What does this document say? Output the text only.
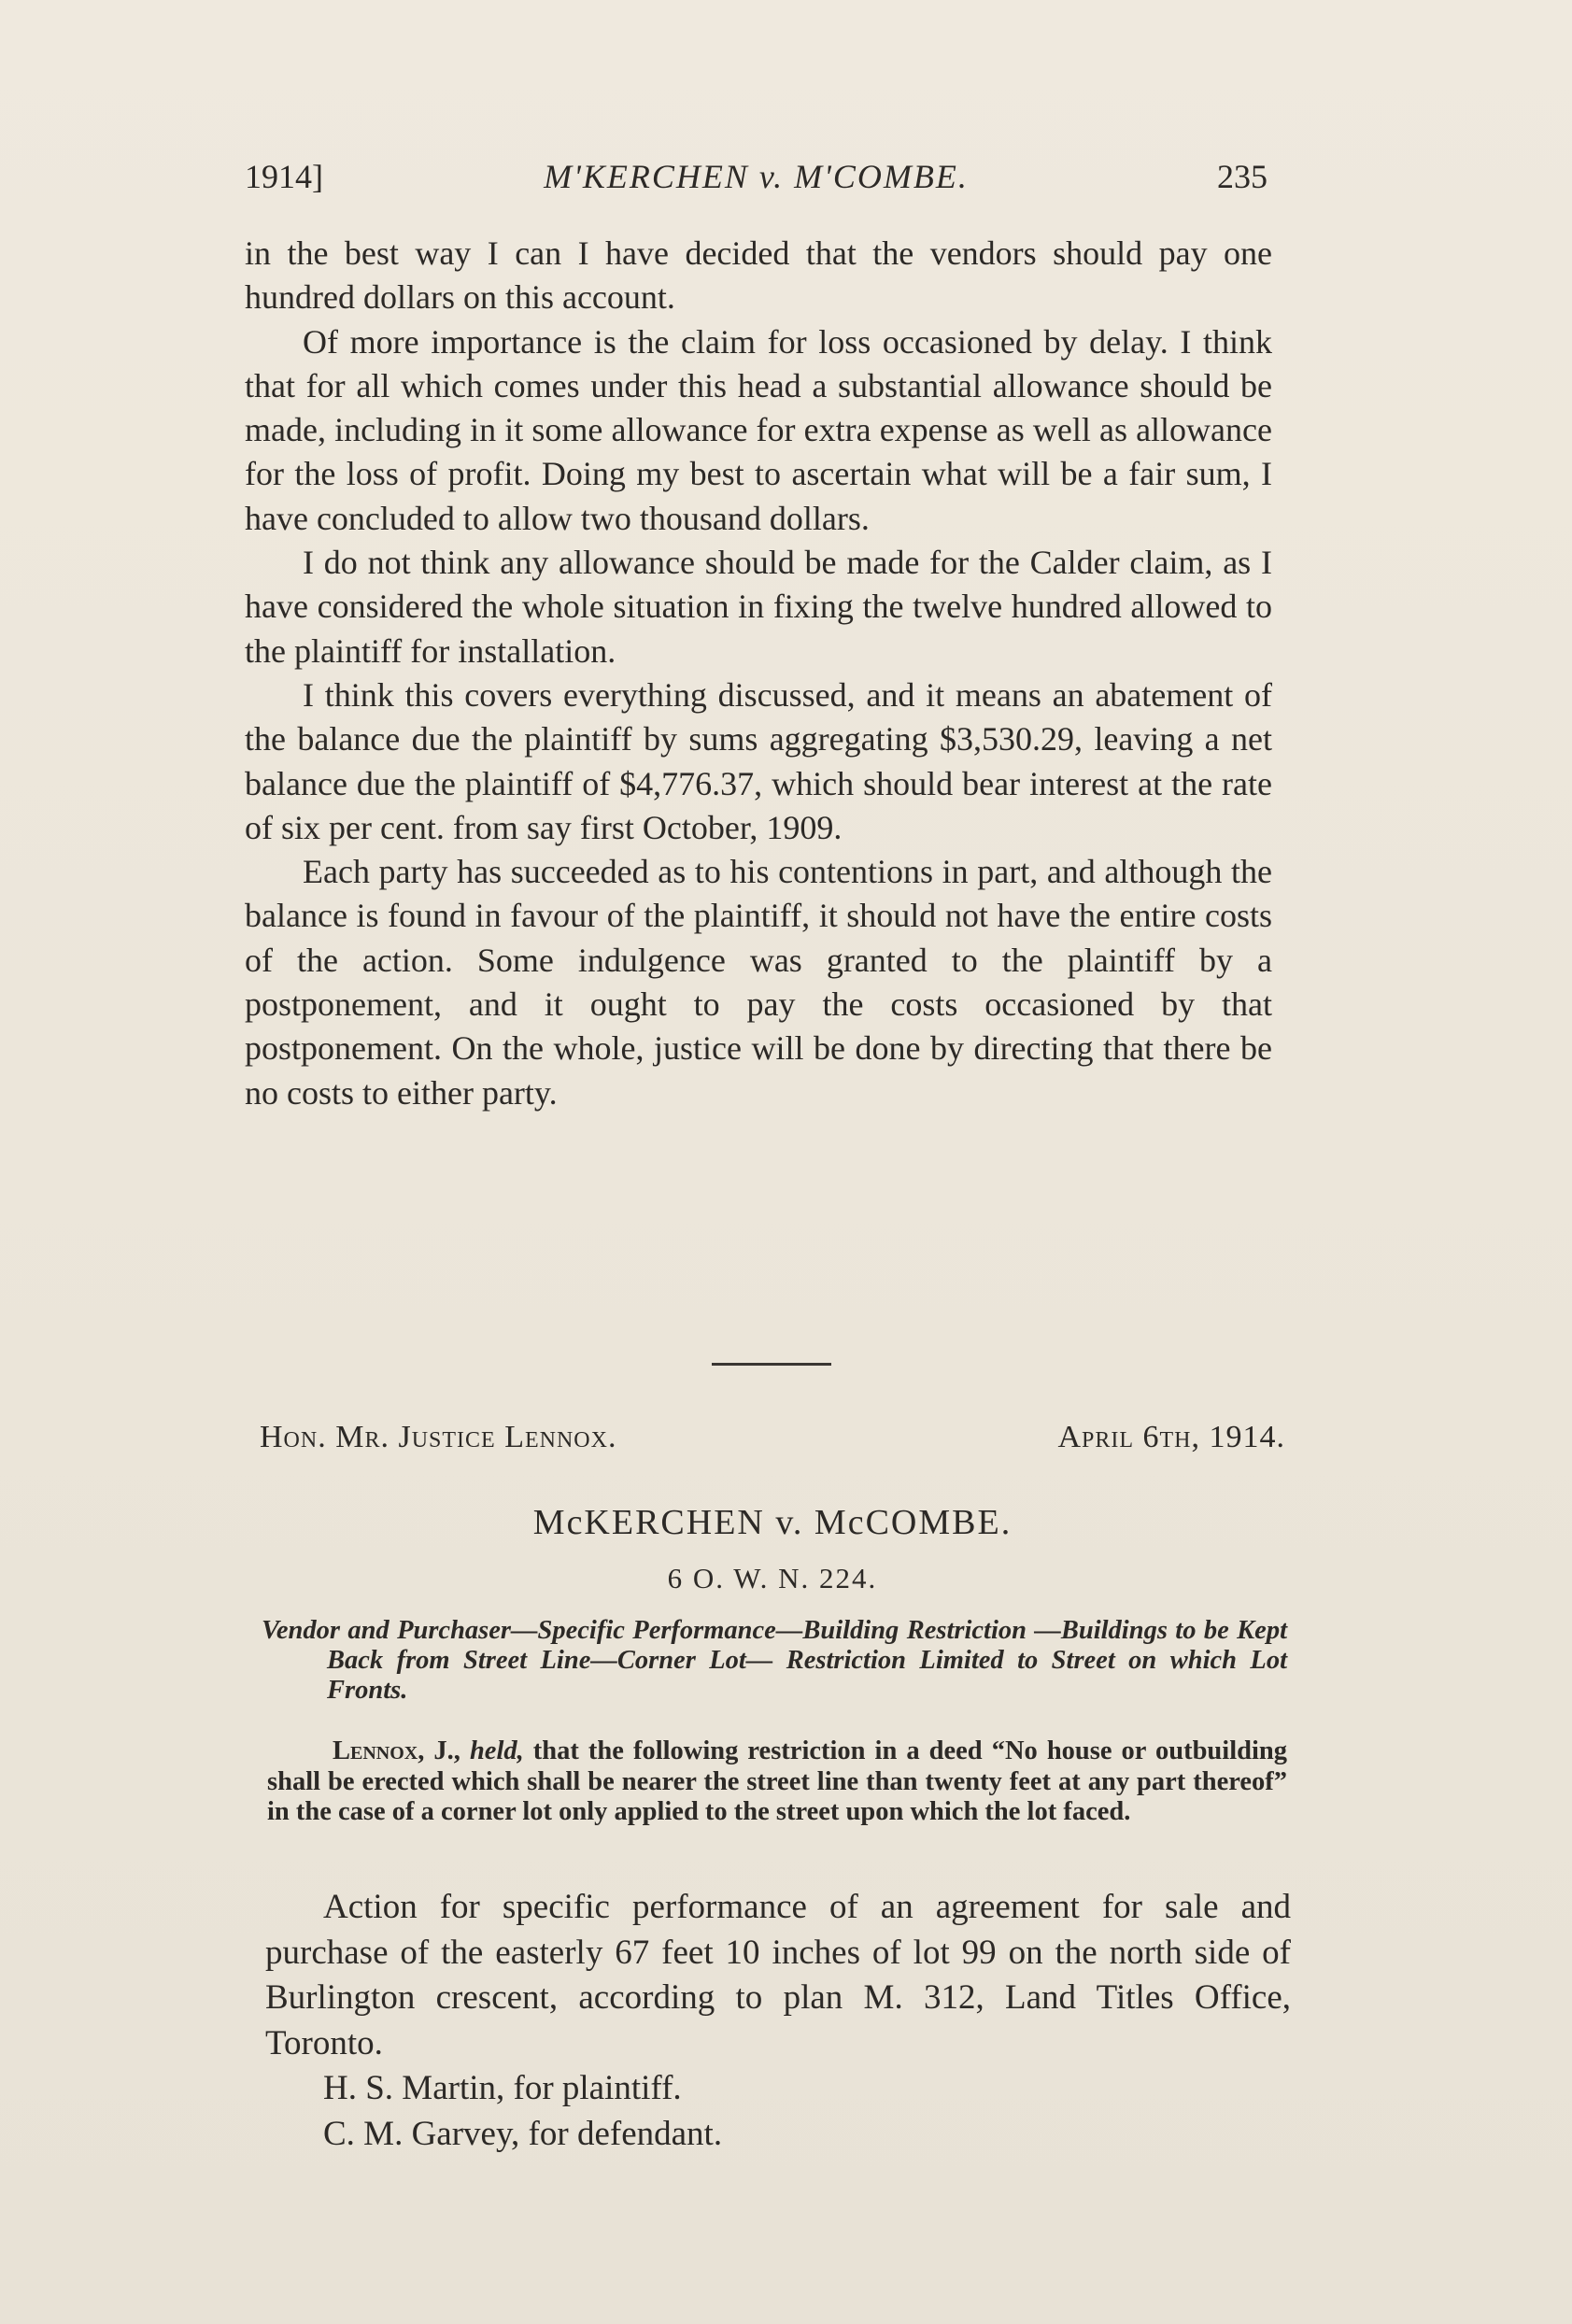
1914]	M'KERCHEN v. M'COMBE.	235

in the best way I can I have decided that the vendors should pay one hundred dollars on this account.

Of more importance is the claim for loss occasioned by delay. I think that for all which comes under this head a substantial allowance should be made, including in it some allowance for extra expense as well as allowance for the loss of profit. Doing my best to ascertain what will be a fair sum, I have concluded to allow two thousand dollars.

I do not think any allowance should be made for the Calder claim, as I have considered the whole situation in fixing the twelve hundred allowed to the plaintiff for installation.

I think this covers everything discussed, and it means an abatement of the balance due the plaintiff by sums aggregating $3,530.29, leaving a net balance due the plaintiff of $4,776.37, which should bear interest at the rate of six per cent. from say first October, 1909.

Each party has succeeded as to his contentions in part, and although the balance is found in favour of the plaintiff, it should not have the entire costs of the action. Some indulgence was granted to the plaintiff by a postponement, and it ought to pay the costs occasioned by that postponement. On the whole, justice will be done by directing that there be no costs to either party.

Hon. Mr. Justice Lennox.	April 6th, 1914.
McKERCHEN v. McCOMBE.
6 O. W. N. 224.
Vendor and Purchaser—Specific Performance—Building Restriction —Buildings to be Kept Back from Street Line—Corner Lot— Restriction Limited to Street on which Lot Fronts.

Lennox, J., held, that the following restriction in a deed “No house or outbuilding shall be erected which shall be nearer the street line than twenty feet at any part thereof” in the case of a corner lot only applied to the street upon which the lot faced.

Action for specific performance of an agreement for sale and purchase of the easterly 67 feet 10 inches of lot 99 on the north side of Burlington crescent, according to plan M. 312, Land Titles Office, Toronto.

H. S. Martin, for plaintiff.
C. M. Garvey, for defendant.
